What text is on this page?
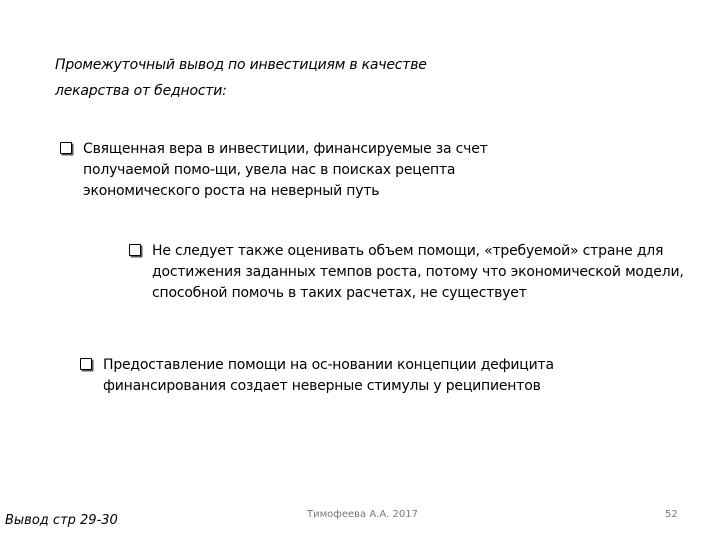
Промежуточный вывод по инвестициям в качестве лекарства от бедности:
Священная вера в инвестиции, финансируемые за счет получаемой помо-щи, увела нас в поисках рецепта экономического роста на неверный путь
Не следует также оценивать объем помощи, «требуемой» стране для достижения заданных темпов роста, потому что экономической модели, способной помочь в таких расчетах, не существует
Предоставление помощи на ос-новании концепции дефицита финансирования создает неверные стимулы у реципиентов
Вывод стр 29-30	Тимофеева А.А. 2017	52
